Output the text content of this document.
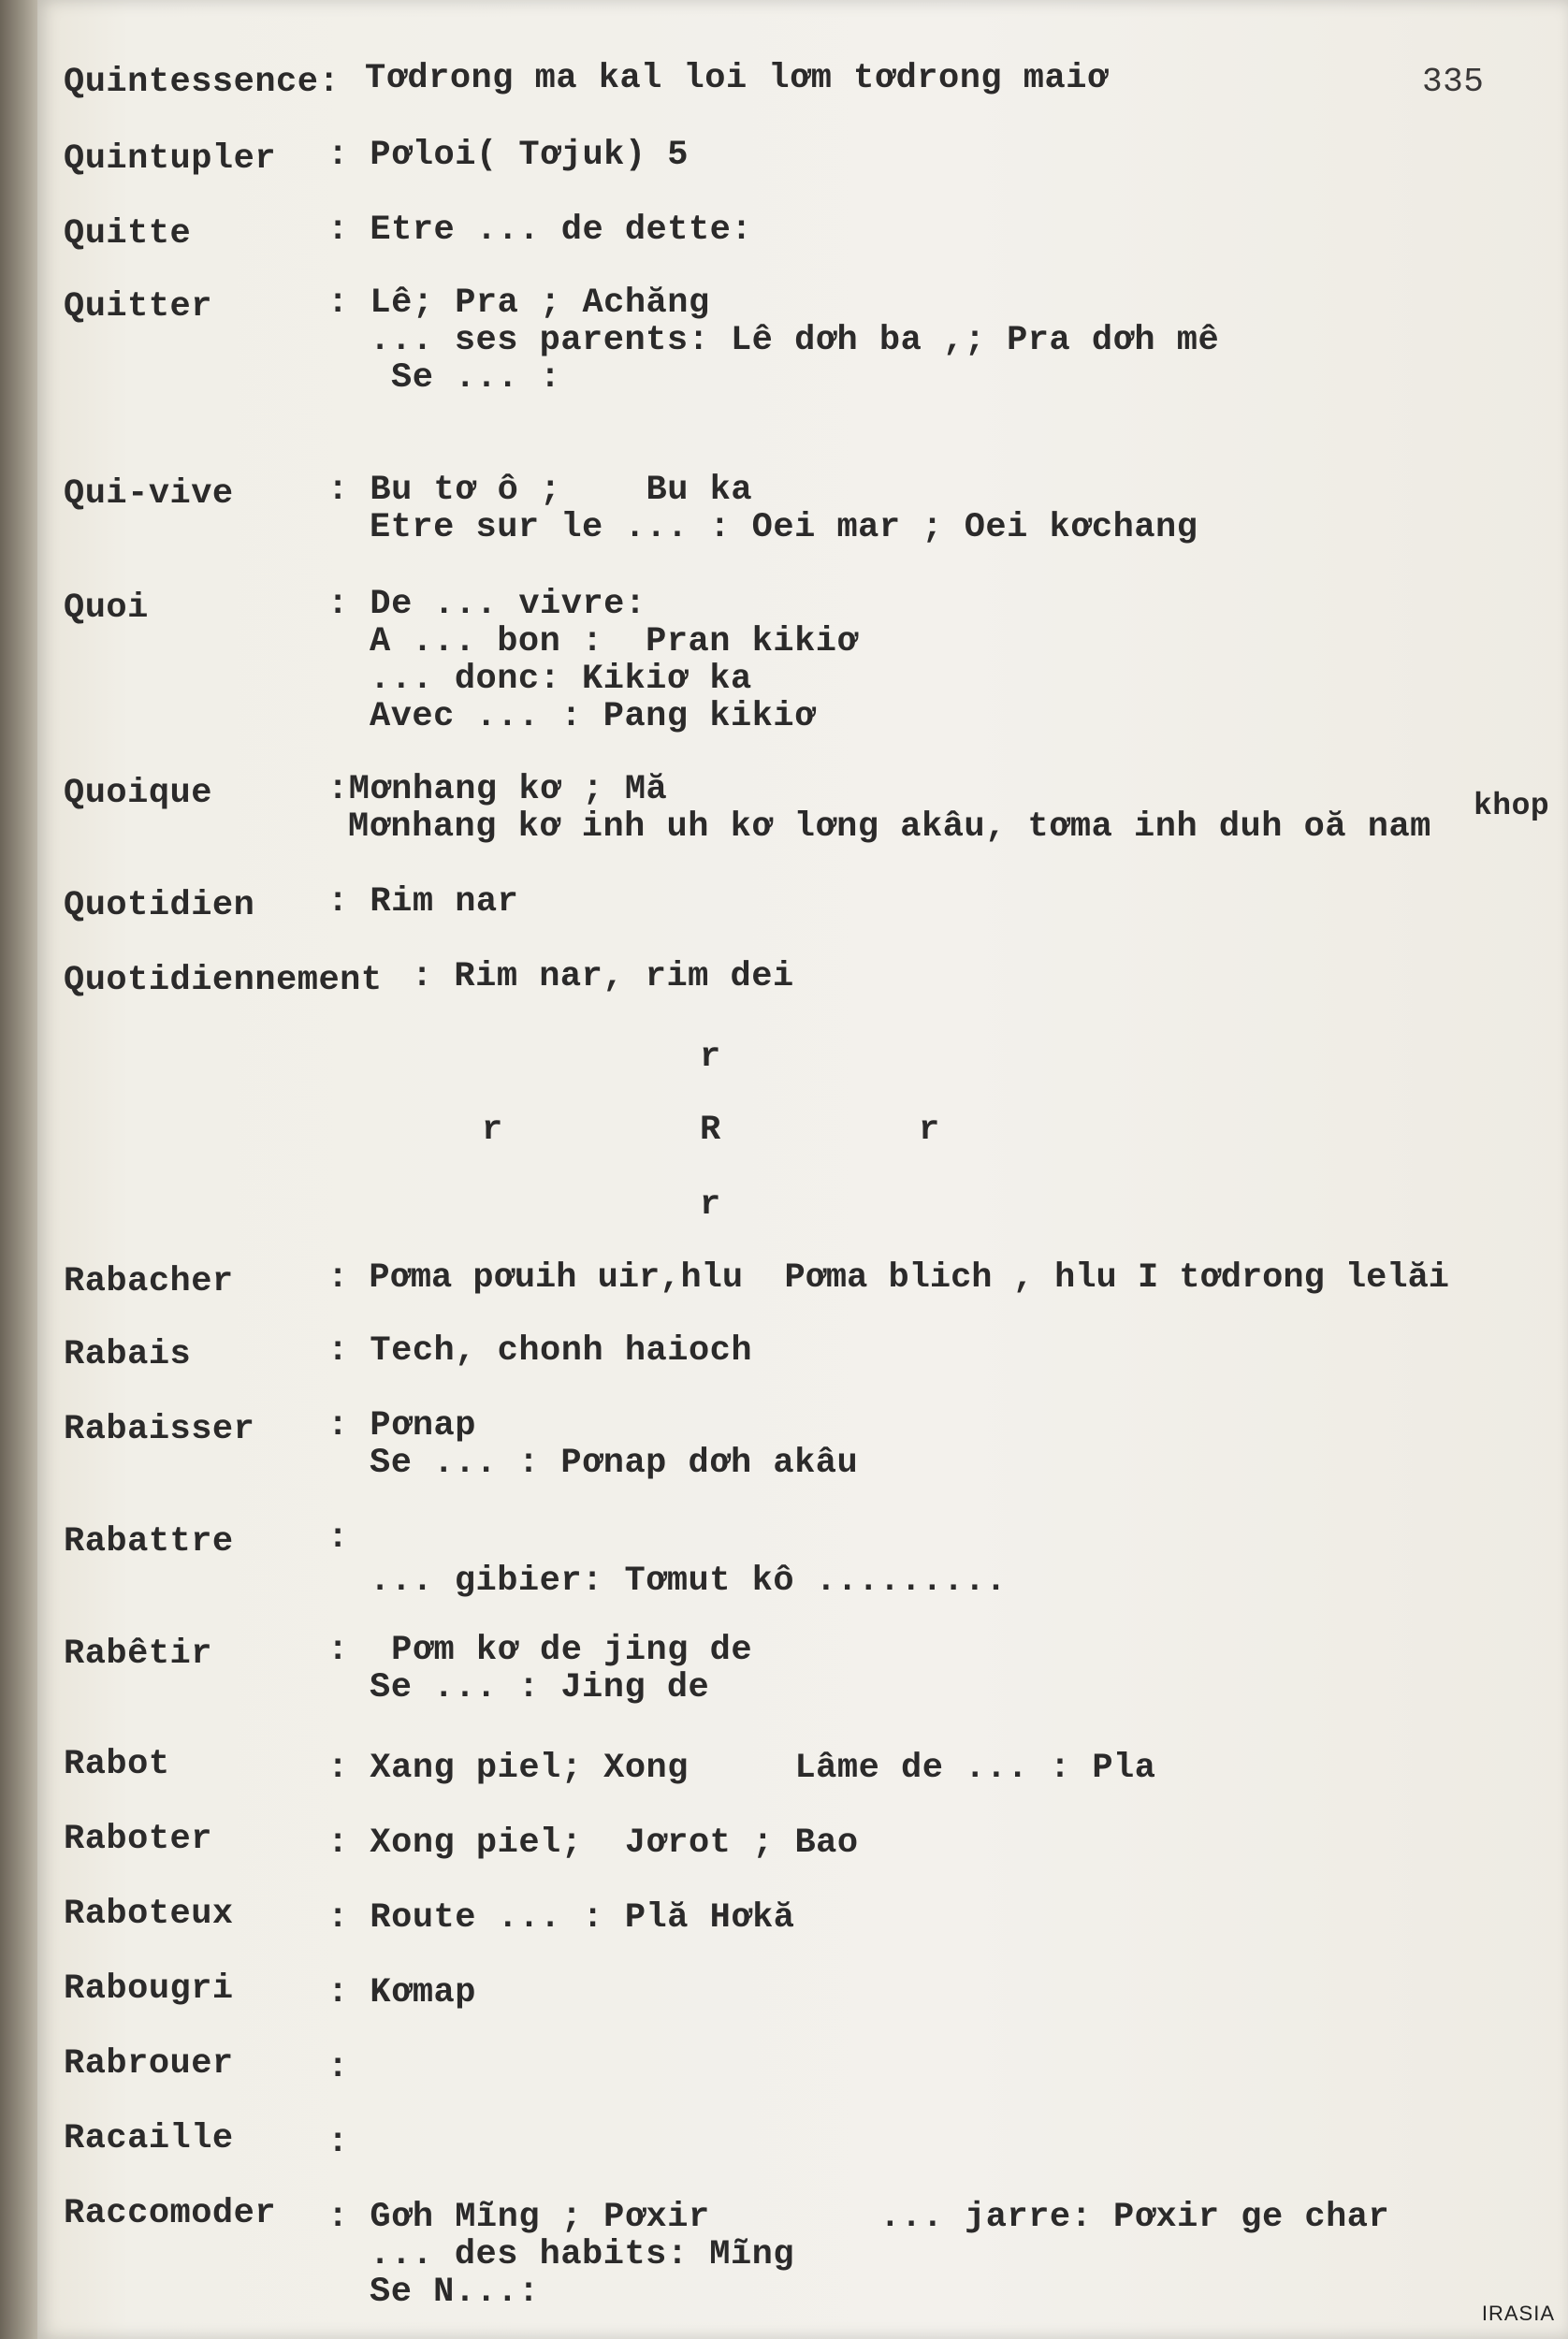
335
Quintessence: Tơdrong ma kal loi lơm tơdrong maiơ
Quintupler : Pơloi( Tơjuk) 5
Quitte	: Etre ... de dette:
Quitter	: Lê; Pra ; Achăng
... ses parents: Lê dơh ba ,; Pra dơh mê
Se ... :
Qui-vive	: Bu tơ ô ;    Bu ka
Etre sur le ... : Oei mar ; Oei kơchang
Quoi	: De ... vivre:
A ... bon :  Pran kikiơ
... donc: Kikiơ ka
Avec ... : Pang kikiơ
Quoique	:Mơnhang kơ ; Mă
Mơnhang kơ inh uh kơ lơng akâu, tơma inh duh oă nam
khop
Quotidien : Rim nar
Quotidiennement : Rim nar, rim dei
r
r	R	r
r
Rabacher	: Pơma pơuih uir,hlu  Pơma blich , hlu I tơdrong lelăi
Rabais	: Tech, chonh haioch
Rabaisser : Pơnap
Se ... : Pơnap dơh akâu
Rabattre	:
... gibier: Tơmut kô .........
Rabêtir	:  Pơm kơ de jing de
Se ... : Jing de
Rabot	: Xang piel; Xong     Lâme de ... : Pla
Raboter	: Xong piel;  Jơrot ; Bao
Raboteux	: Route ... : Plă Hơkă
Rabougri	: Kơmap
Rabrouer	:
Racaille	:
Raccomoder : Gơh Mĩng ; Pơxir        ... jarre: Pơxir ge char
... des habits: Mĩng
Se N...:
IRASIA
